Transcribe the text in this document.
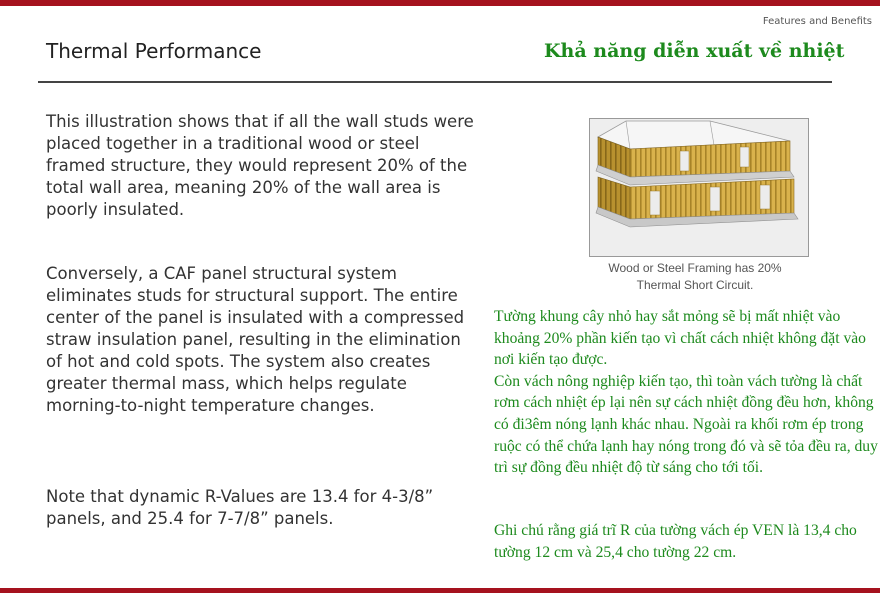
Features and Benefits
Thermal Performance	Khả năng diễn xuất về nhiệt

This illustration shows that if all the wall studs were placed together in a traditional wood or steel framed structure, they would represent 20% of the total wall area, meaning 20% of the wall area is poorly insulated.

Conversely, a CAF panel structural system eliminates studs for structural support. The entire center of the panel is insulated with a compressed straw insulation panel, resulting in the elimination of hot and cold spots. The system also creates greater thermal mass, which helps regulate morning-to-night temperature changes.

Note that dynamic R-Values are 13.4 for 4-3/8” panels, and 25.4 for 7-7/8” panels.

Wood or Steel Framing has 20%
Thermal Short Circuit.

Tường khung cây nhỏ hay sắt mỏng sẽ bị mất nhiệt vào khoảng 20% phần kiến tạo vì chất cách nhiệt không đặt vào nơi kiến tạo được.
Còn vách nông nghiệp kiến tạo, thì toàn vách tường là chất rơm cách nhiệt ép lại nên sự cách nhiệt đồng đều hơn, không có đi3êm nóng lạnh khác nhau. Ngoài ra khối rơm ép trong ruộc có thể chứa lạnh hay nóng trong đó và sẽ tỏa đều ra, duy trì sự đồng đều nhiệt độ từ sáng cho tới tối.

Ghi chú rằng giá trĩ R của tường vách ép VEN là 13,4 cho tường 12 cm và 25,4 cho tường 22 cm.
